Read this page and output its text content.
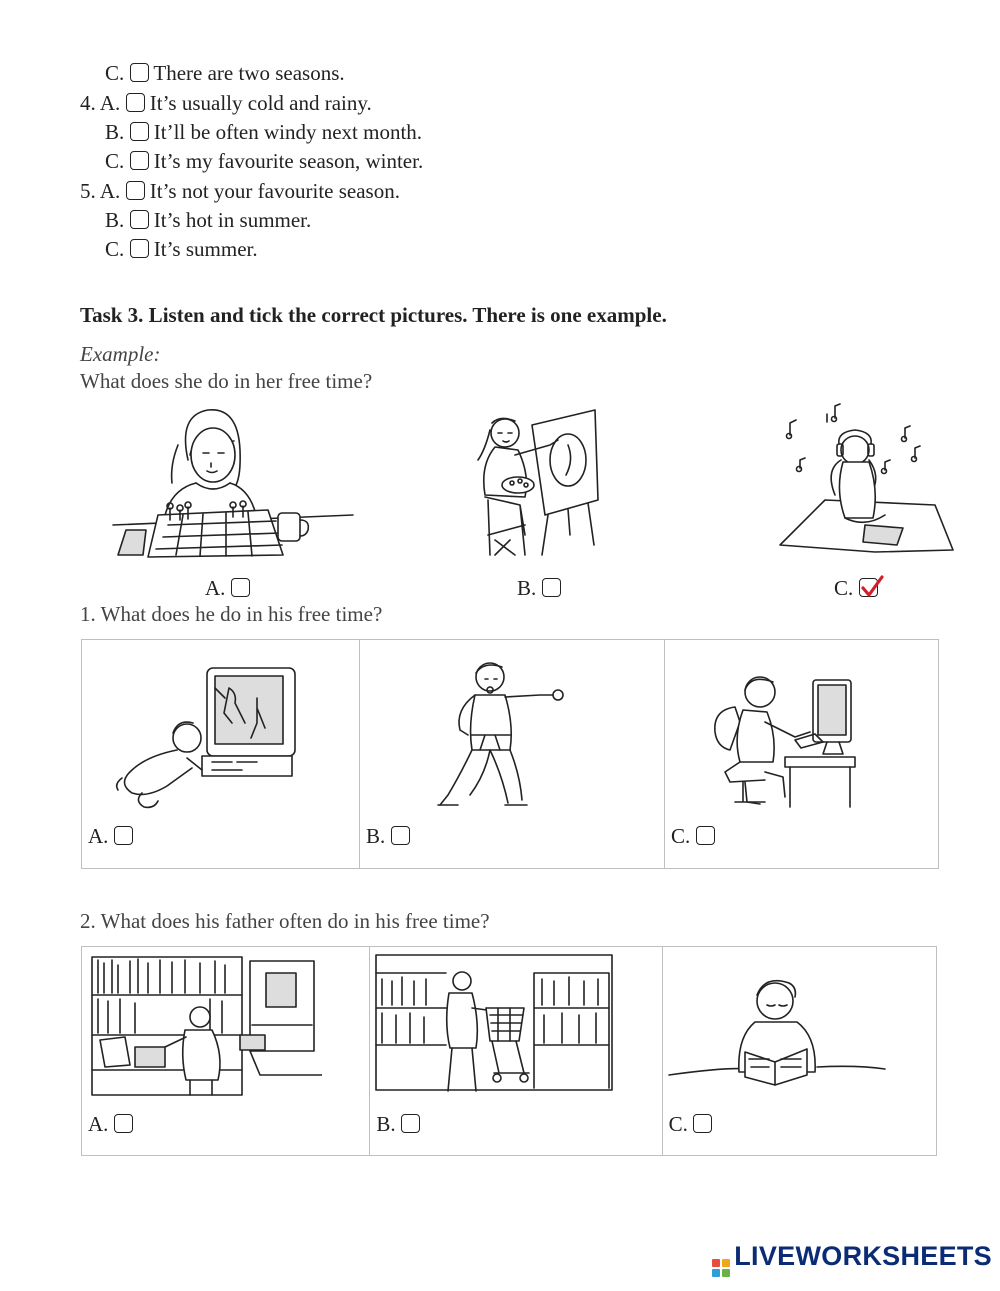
C. There are two seasons.
4. A. It’s usually cold and rainy.
B. It’ll be often windy next month.
C. It’s my favourite season, winter.
5. A. It’s not your favourite season.
B. It’s hot in summer.
C. It’s summer.
Task 3. Listen and tick the correct pictures. There is one example.
Example:
What does she do in her free time?
A.	B.	C.
1. What does he do in his free time?
A.	B.	C.
2. What does his father often do in his free time?
A.	B.	C.
LIVEWORKSHEETS
